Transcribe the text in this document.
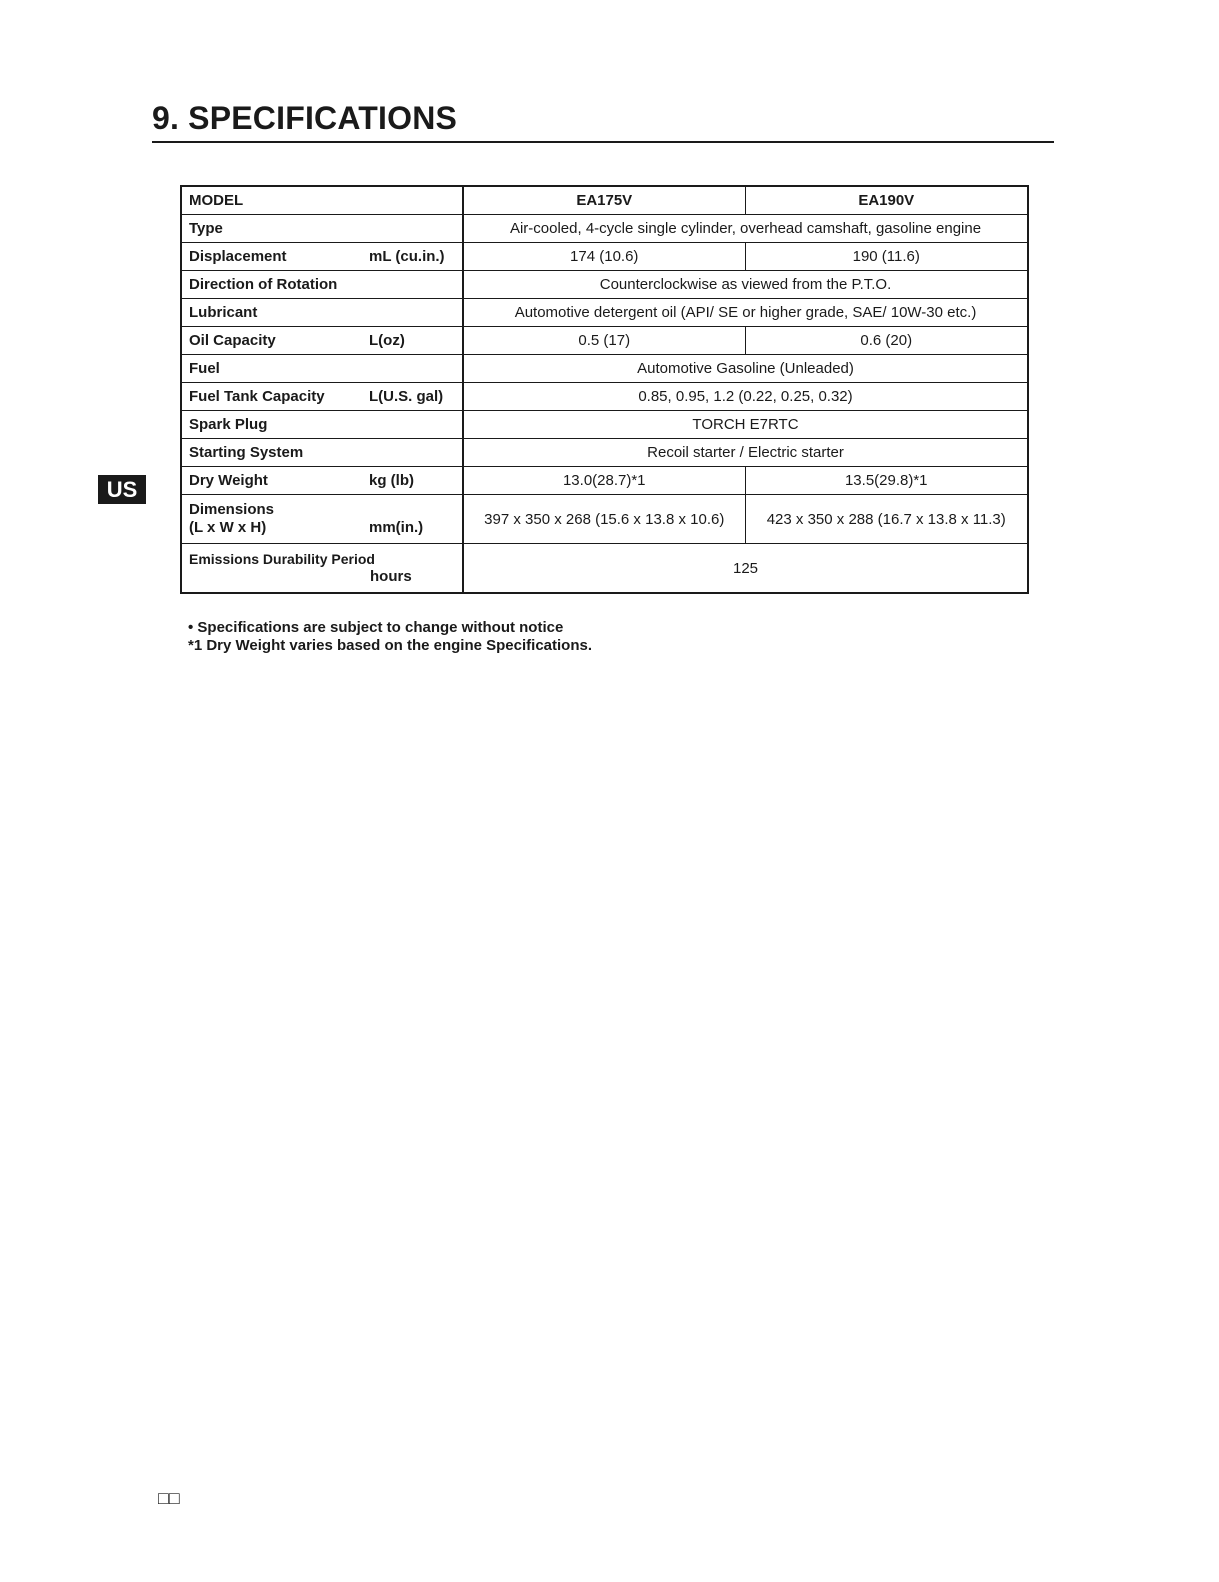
9. SPECIFICATIONS
US
MODEL	EA175V	EA190V
Type	Air-cooled, 4-cycle single cylinder, overhead camshaft, gasoline engine	

Displacement mL (cu.in.)	174 (10.6)	190 (11.6)
Direction of Rotation	Counterclockwise as viewed from the P.T.O.	
Lubricant	Automotive detergent oil (API/ SE or higher grade, SAE/ 10W-30 etc.)	

Oil Capacity L(oz)	0.5 (17)	0.6 (20)
Fuel	Automotive Gasoline (Unleaded)	

Fuel Tank Capacity L(U.S. gal)	0.85, 0.95, 1.2 (0.22, 0.25, 0.32)	
Spark Plug	TORCH E7RTC	
Starting System	Recoil starter / Electric starter	

Dry Weight kg (lb)	13.0(28.7)*1	13.5(29.8)*1

Dimensions
(L x W x H) mm(in.)	397 x 350 x 268 (15.6 x 13.8 x 10.6)	423 x 350 x 288 (16.7 x 13.8 x 11.3)

Emissions Durability Period
hours	125	
• Specifications are subject to change without notice
*1 Dry Weight varies based on the engine Specifications.
□□
